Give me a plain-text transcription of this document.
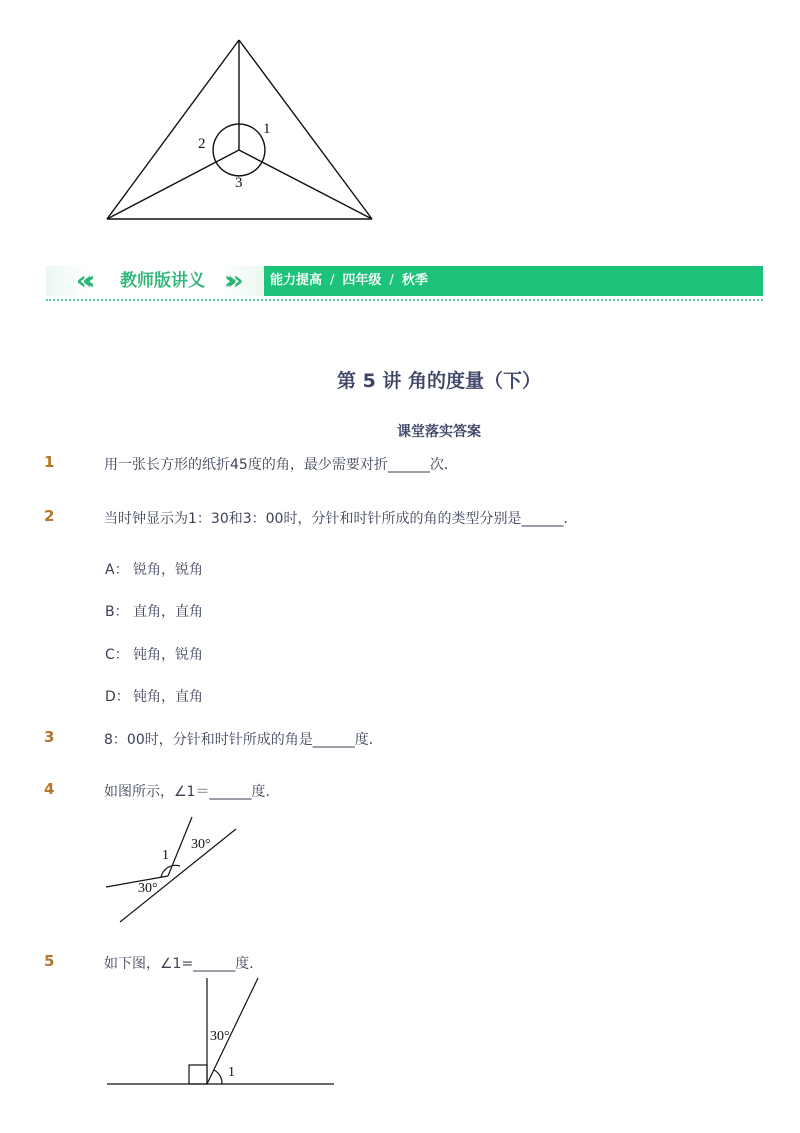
1
2
3
«‹ 教师版讲义 ›»	能力提高 / 四年级 / 秋季
第 5 讲 角的度量（下）
课堂落实答案
1	用一张长方形的纸折45度的角，最少需要对折______次．
2	当时钟显示为1：30和3：00时，分针和时针所成的角的类型分别是______．
A： 锐角，锐角
B： 直角，直角
C： 钝角，锐角
D： 钝角，直角
3	8：00时，分针和时针所成的角是______度．
4	如图所示，∠1＝______度.
1
30°
30°
5	如下图，∠1=______度．
30°
1
